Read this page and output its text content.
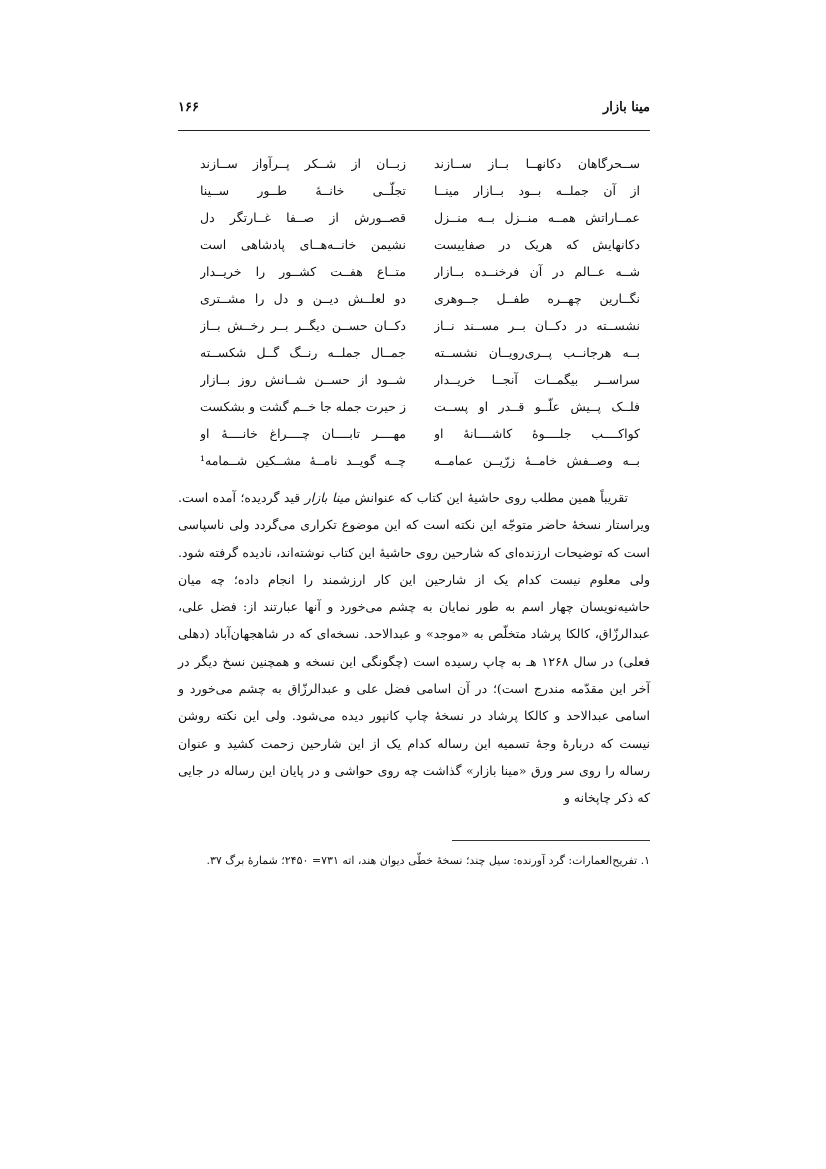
مینا بازار
۱۶۶
ســحرگاهان دکانهــا بــاز ســازند
زبــان از شــکر پــرآواز ســازند
از آن جملــه بــود بــازار مینــا
تجلّــی خانــهٔ طــور ســینا
عمــاراتش همــه منــزل بــه منــزل
قصــورش از صــفا غــارتگر دل
دکانهایش که هریک در صفاییست
نشیمن خانــه‌هــای پادشاهی است
شــه عــالم در آن فرخنــده بــازار
متــاع هفــت کشــور را خریــدار
نگــارین چهــره طفــل جــوهری
دو لعلــش دیــن و دل را مشــتری
نشســته در دکــان بــر مســند نــاز
دکــان حســن دیگــر بــر رخــش بــاز
بــه هرجانــب پــری‌رویــان نشســته
جمــال جملــه رنــگ گــل شکســته
سراســر بیگمــات آنجــا خریــدار
شــود از حســن شــانش روز بــازار
فلــک پــیش علّــو قــدر او پســت
ز حیرت جمله جا خــم گشت و بشکست
کواکــــب جلــــوهٔ کاشــــانهٔ او
مهــــر تابــــان چــــراغ خانــــهٔ او
بــه وصــفش خامــهٔ زرّیــن عمامــه
چــه گویــد نامــهٔ مشــکین شــمامه¹

تقریباً همین مطلب روی حاشیهٔ این کتاب که عنوانش مینا بازار قید گردیده؛ آمده است. ویراستار نسخهٔ حاضر متوجّه این نکته است که این موضوع تکراری می‌گردد ولی ناسپاسی است که توضیحات ارزنده‌ای که شارحین روی حاشیهٔ این کتاب نوشته‌اند، نادیده گرفته شود. ولی معلوم نیست کدام یک از شارحین این کار ارزشمند را انجام داده؛ چه میان حاشیه‌نویسان چهار اسم به طور نمایان به چشم می‌خورد و آنها عبارتند از: فضل علی، عبدالرزّاق، کالکا پرشاد متخلّص به «موجد» و عبدالاحد. نسخه‌ای که در شاهجهان‌آباد (دهلی فعلی) در سال ۱۲۶۸ هـ به چاپ رسیده است (چگونگی این نسخه و همچنین نسخ دیگر در آخر این مقدّمه مندرج است)؛ در آن اسامی فضل علی و عبدالرزّاق به چشم می‌خورد و اسامی عبدالاحد و کالکا پرشاد در نسخهٔ چاپ کانپور دیده می‌شود. ولی این نکته روشن نیست که دربارهٔ وجهٔ تسمیه این رساله کدام یک از این شارحین زحمت کشید و عنوان رساله را روی سر ورق «مینا بازار» گذاشت چه روی حواشی و در پایان این رساله در جایی که ذکر چاپخانه و

۱. تفریح‌العمارات: گرد آورنده: سیل چند؛ نسخهٔ خطّی دیوان هند، اته ۷۳۱= ۲۴۵۰؛ شمارهٔ برگ ۳۷.
